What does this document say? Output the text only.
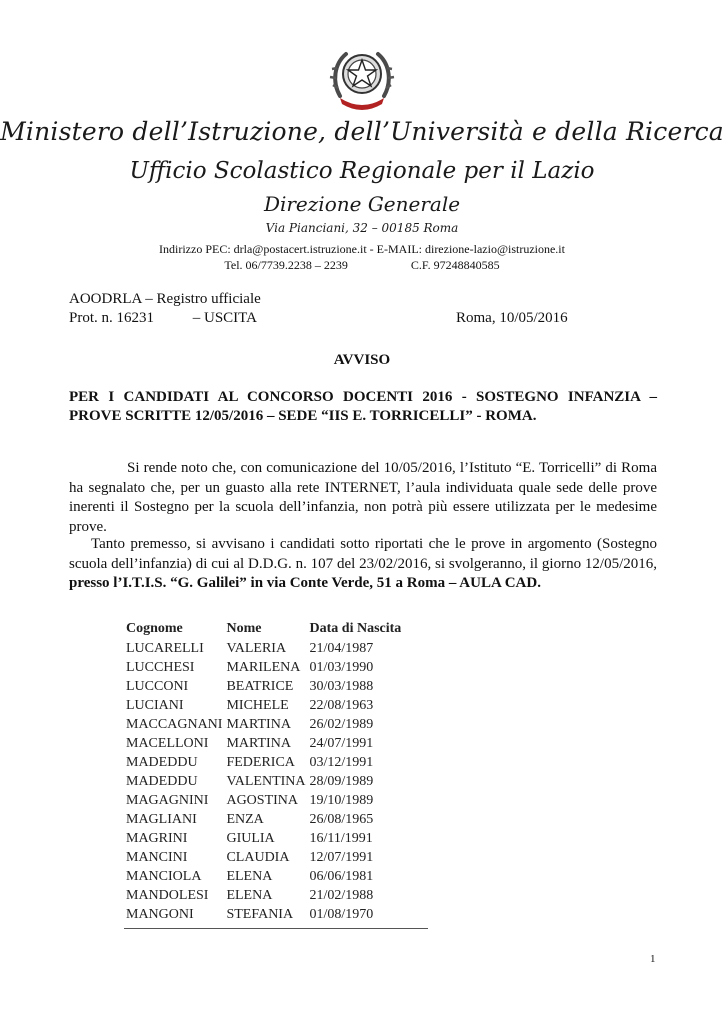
Ministero dell’Istruzione, dell’Università e della Ricerca
Ufficio Scolastico Regionale per il Lazio
Direzione Generale
Via Pianciani, 32 – 00185 Roma
Indirizzo PEC: drla@postacert.istruzione.it - E-MAIL: direzione-lazio@istruzione.it
Tel. 06/7739.2238 – 2239	C.F. 97248840585
AOODRLA – Registro ufficiale
Prot. n. 16231	– USCITA	Roma, 10/05/2016
AVVISO
PER I CANDIDATI AL CONCORSO DOCENTI 2016 - SOSTEGNO INFANZIA – PROVE SCRITTE 12/05/2016 – SEDE “IIS E. TORRICELLI” - ROMA.
Si rende noto che, con comunicazione del 10/05/2016, l’Istituto “E. Torricelli” di Roma ha segnalato che, per un guasto alla rete INTERNET, l’aula individuata quale sede delle prove inerenti il Sostegno per la scuola dell’infanzia, non potrà più essere utilizzata per le medesime prove.
Tanto premesso, si avvisano i candidati sotto riportati che le prove in argomento (Sostegno scuola dell’infanzia) di cui al D.D.G. n. 107 del 23/02/2016, si svolgeranno, il giorno 12/05/2016, presso l’I.T.I.S. “G. Galilei” in via Conte Verde, 51 a Roma – AULA CAD.
Cognome	Nome	Data di Nascita
LUCARELLI	VALERIA	21/04/1987
LUCCHESI	MARILENA	01/03/1990
LUCCONI	BEATRICE	30/03/1988
LUCIANI	MICHELE	22/08/1963
MACCAGNANI	MARTINA	26/02/1989
MACELLONI	MARTINA	24/07/1991
MADEDDU	FEDERICA	03/12/1991
MADEDDU	VALENTINA	28/09/1989
MAGAGNINI	AGOSTINA	19/10/1989
MAGLIANI	ENZA	26/08/1965
MAGRINI	GIULIA	16/11/1991
MANCINI	CLAUDIA	12/07/1991
MANCIOLA	ELENA	06/06/1981
MANDOLESI	ELENA	21/02/1988
MANGONI	STEFANIA	01/08/1970
1
